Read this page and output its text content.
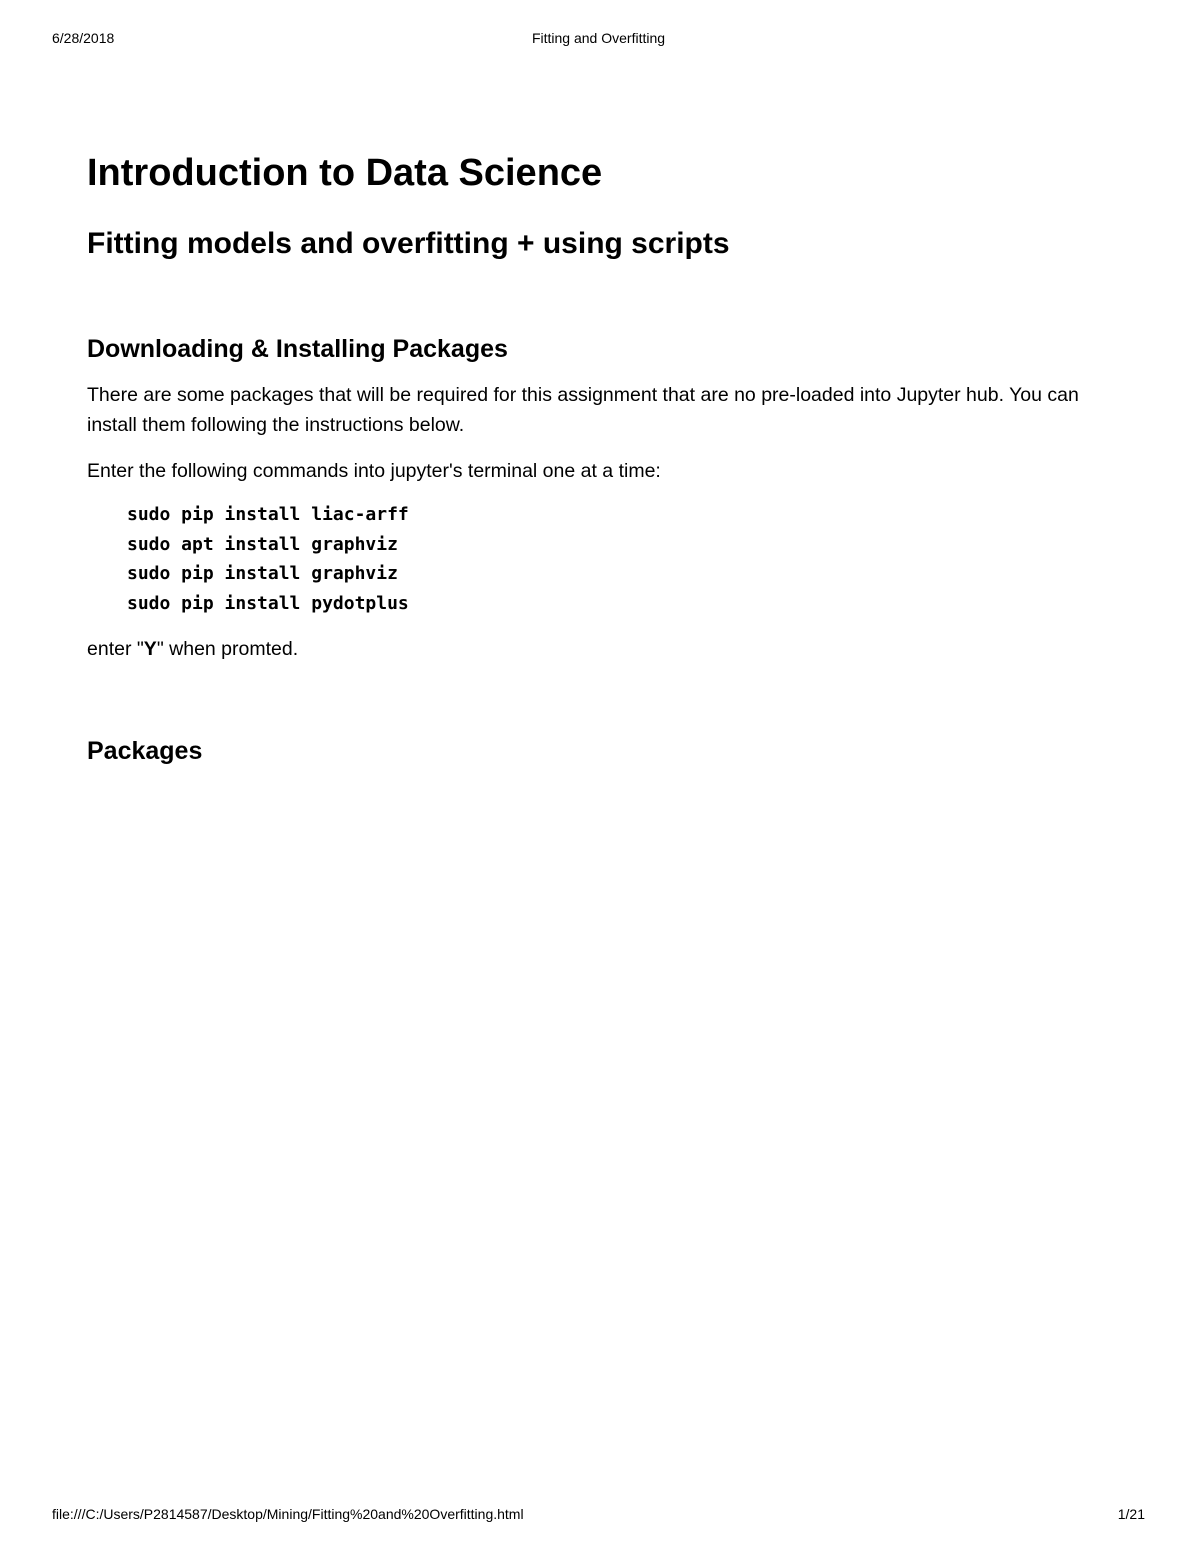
6/28/2018	Fitting and Overfitting
Introduction to Data Science
Fitting models and overfitting + using scripts
Downloading & Installing Packages

There are some packages that will be required for this assignment that are no pre-loaded into Jupyter hub. You can install them following the instructions below.

Enter the following commands into jupyter's terminal one at a time:

sudo pip install liac-arff
sudo apt install graphviz
sudo pip install graphviz
sudo pip install pydotplus

enter "Y" when promted.

Packages
file:///C:/Users/P2814587/Desktop/Mining/Fitting%20and%20Overfitting.html	1/21
